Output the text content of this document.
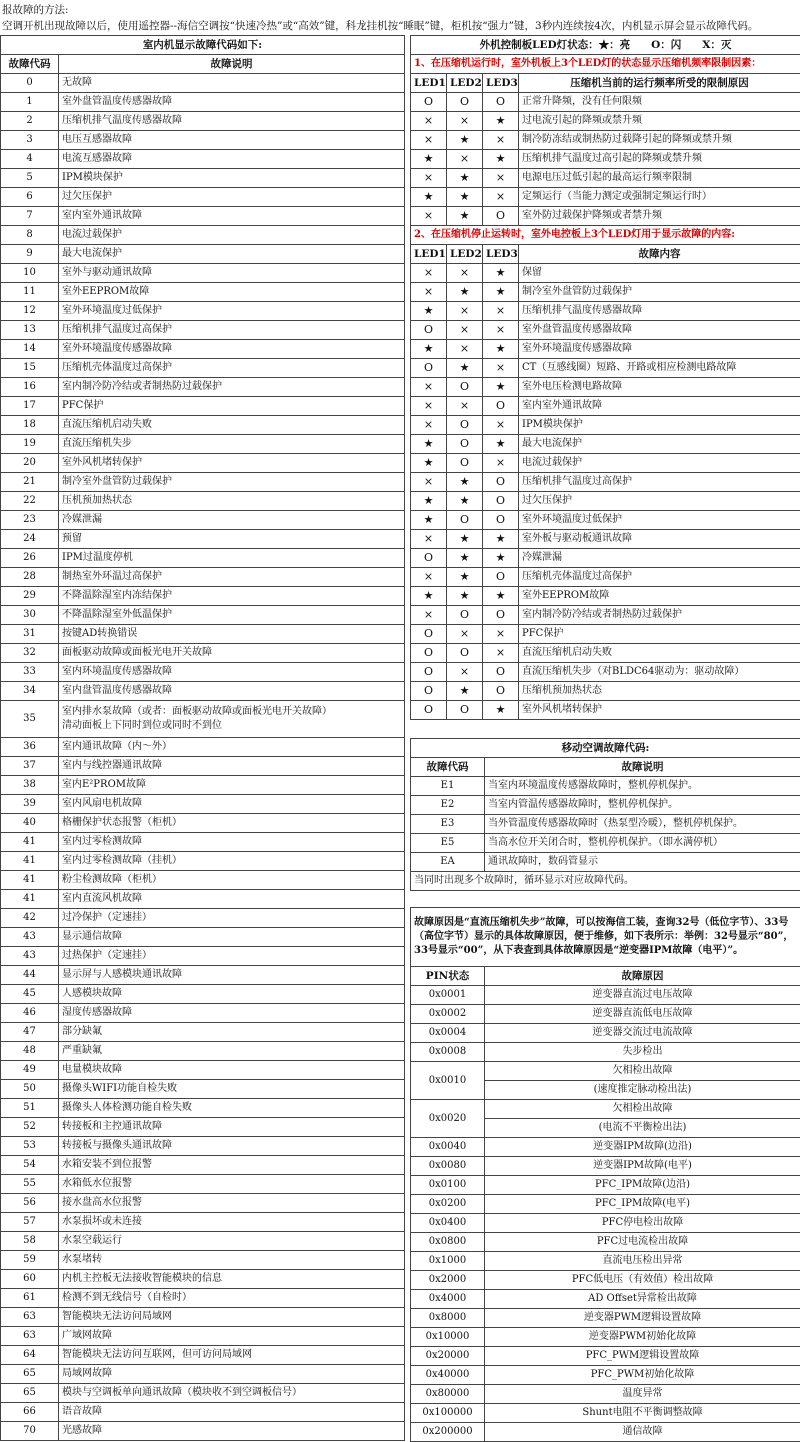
报故障的方法:
空调开机出现故障以后，使用遥控器--海信空调按“快速冷热”或“高效”键，科龙挂机按“睡眠”键，柜机按“强力”键，3秒内连续按4次，内机显示屏会显示故障代码。
室内机显示故障代码如下:	
故障代码	故障说明
0	无故障
1	室外盘管温度传感器故障
2	压缩机排气温度传感器故障
3	电压互感器故障
4	电流互感器故障
5	IPM模块保护
6	过欠压保护
7	室内室外通讯故障
8	电流过载保护
9	最大电流保护
10	室外与驱动通讯故障
11	室外EEPROM故障
12	室外环境温度过低保护
13	压缩机排气温度过高保护
14	室外环境温度传感器故障
15	压缩机壳体温度过高保护
16	室内制冷防冷结或者制热防过载保护
17	PFC保护
18	直流压缩机启动失败
19	直流压缩机失步
20	室外风机堵转保护
21	制冷室外盘管防过载保护
22	压机预加热状态
23	冷媒泄漏
24	预留
26	IPM过温度停机
28	制热室外环温过高保护
29	不降温除湿室内冻结保护
30	不降温除湿室外低温保护
31	按键AD转换错误
32	面板驱动故障或面板光电开关故障
33	室内环境温度传感器故障
34	室内盘管温度传感器故障
35	室内排水泵故障（或者：面板驱动故障或面板光电开关故障）
清动面板上下同时到位或同时不到位
36	室内通讯故障（内～外）
37	室内与线控器通讯故障
38	室内E²PROM故障
39	室内风扇电机故障
40	格栅保护状态报警（柜机）
41	室内过零检测故障
41	室内过零检测故障（挂机）
41	粉尘检测故障（柜机）
41	室内直流风机故障
42	过冷保护（定速挂）
43	显示通信故障
43	过热保护（定速挂）
44	显示屏与人感模块通讯故障
45	人感模块故障
46	湿度传感器故障
47	部分缺氟
48	严重缺氟
49	电量模块故障
50	摄像头WIFI功能自检失败
51	摄像头人体检测功能自检失败
52	转接板和主控通讯故障
53	转接板与摄像头通讯故障
54	水箱安装不到位报警
55	水箱低水位报警
56	接水盘高水位报警
57	水泵损坏或未连接
58	水泵空载运行
59	水泵堵转
60	内机主控板无法接收智能模块的信息
61	检测不到无线信号（自检时）
63	智能模块无法访问局域网
63	广域网故障
64	智能模块无法访问互联网，但可访问局域网
65	局域网故障
65	模块与空调板单向通讯故障（模块收不到空调板信号）
66	语音故障
70	光感故障
外机控制板LED灯状态：★：亮　　O：闪　　X：灭			
1、在压缩机运行时，室外机板上3个LED灯的状态显示压缩机频率限制因素：			
LED1	LED2	LED3	压缩机当前的运行频率所受的限制原因
O	O	O	正常升降频，没有任何限频
×	×	★	过电流引起的降频或禁升频
×	★	×	制冷防冻结或制热防过载降引起的降频或禁升频
★	×	★	压缩机排气温度过高引起的降频或禁升频
×	★	×	电源电压过低引起的最高运行频率限制
★	★	×	定频运行（当能力测定或强制定频运行时）
×	★	O	室外防过载保护降频或者禁升频
2、在压缩机停止运转时，室外电控板上3个LED灯用于显示故障的内容:			
LED1	LED2	LED3	故障内容
×	×	★	保留
×	★	★	制冷室外盘管防过载保护
★	×	×	压缩机排气温度传感器故障
O	×	×	室外盘管温度传感器故障
★	×	★	室外环境温度传感器故障
O	★	×	CT（互感线圈）短路、开路或相应检测电路故障
×	O	★	室外电压检测电路故障
×	×	O	室内室外通讯故障
×	O	×	IPM模块保护
★	O	★	最大电流保护
★	O	×	电流过载保护
×	★	O	压缩机排气温度过高保护
★	★	O	过欠压保护
★	O	O	室外环境温度过低保护
×	★	★	室外板与驱动板通讯故障
O	★	★	冷媒泄漏
×	★	O	压缩机壳体温度过高保护
★	★	★	室外EEPROM故障
×	O	O	室内制冷防冷结或者制热防过载保护
O	×	×	PFC保护
O	O	×	直流压缩机启动失败
O	×	O	直流压缩机失步（对BLDC64驱动为：驱动故障）
O	★	O	压缩机预加热状态
O	O	★	室外风机堵转保护
移动空调故障代码:	
故障代码	故障说明
E1	当室内环境温度传感器故障时，整机停机保护。
E2	当室内管温传感器故障时，整机停机保护。
E3	当外管温度传感器故障时（热泵型冷暖），整机停机保护。
E5	当高水位开关闭合时，整机停机保护。（即水满停机）
EA	通讯故障时，数码管显示
当同时出现多个故障时，循环显示对应故障代码。	
故障原因是“直流压缩机失步”故障，可以按海信工装，查询32号（低位字节）、33号（高位字节）显示的具体故障原因，便于维修，如下表所示：举例：32号显示“80”，33号显示“00”，从下表查到具体故障原因是“逆变器IPM故障（电平）”。	
PIN状态	故障原因
0x0001	逆变器直流过电压故障
0x0002	逆变器直流低电压故障
0x0004	逆变器交流过电流故障
0x0008	失步检出
0x0010	欠相检出故障
	(速度推定脉动检出法)
0x0020	欠相检出故障
	(电流不平衡检出法)
0x0040	逆变器IPM故障(边沿)
0x0080	逆变器IPM故障(电平)
0x0100	PFC_IPM故障(边沿)
0x0200	PFC_IPM故障(电平)
0x0400	PFC停电检出故障
0x0800	PFC过电流检出故障
0x1000	直流电压检出异常
0x2000	PFC低电压（有效值）检出故障
0x4000	AD Offset异常检出故障
0x8000	逆变器PWM逻辑设置故障
0x10000	逆变器PWM初始化故障
0x20000	PFC_PWM逻辑设置故障
0x40000	PFC_PWM初始化故障
0x80000	温度异常
0x100000	Shunt电阻不平衡调整故障
0x200000	通信故障
